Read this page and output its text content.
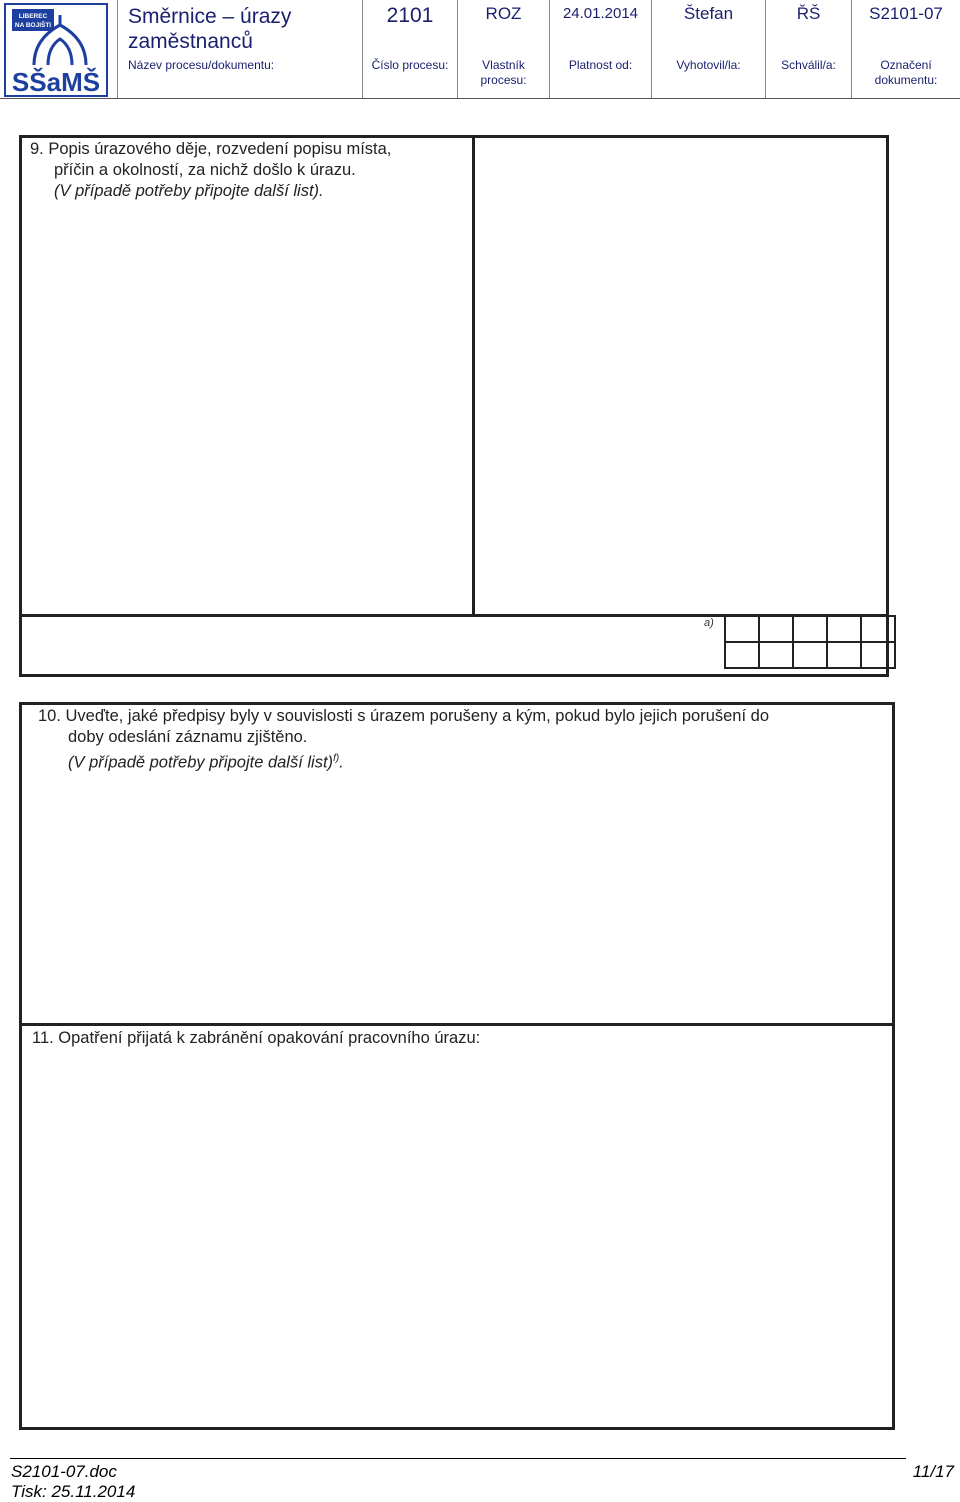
LIBEREC
NA BOJIŠTI
SŠaMŠ
Směrnice – úrazy zaměstnanců
Název procesu/dokumentu:
2101
Číslo procesu:
ROZ
Vlastník procesu:
24.01.2014
Platnost od:
Štefan
Vyhotovil/la:
ŘŠ
Schválil/a:
S2101-07
Označení dokumentu:
9. Popis úrazového děje, rozvedení popisu místa,
příčin a okolností, za nichž došlo k úrazu.
(V případě potřeby připojte další list).
a)

10. Uveďte, jaké předpisy byly v souvislosti s úrazem porušeny a kým, pokud bylo jejich porušení do
doby odeslání záznamu zjištěno.
(V případě potřeby připojte další list)$^{f)}$.
11. Opatření přijatá k zabránění opakování pracovního úrazu:
S2101-07.doc
Tisk: 25.11.2014
11/17
